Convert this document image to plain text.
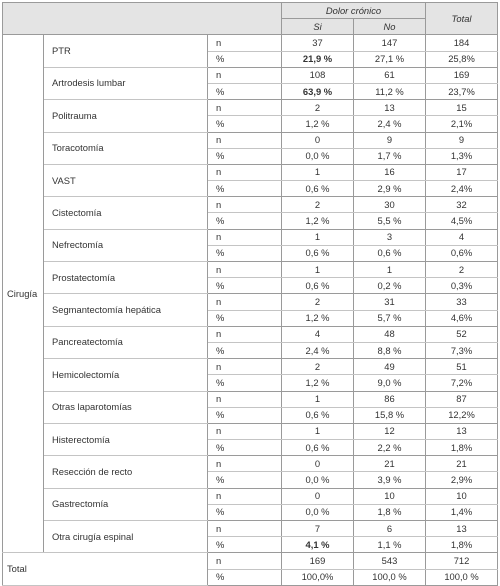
			Dolor crónico		Total
			Si	No	
Cirugía	PTR	n	37	147	184
		%	21,9 %	27,1 %	25,8%
	Artrodesis lumbar	n	108	61	169
		%	63,9 %	11,2 %	23,7%
	Politrauma	n	2	13	15
		%	1,2 %	2,4 %	2,1%
	Toracotomía	n	0	9	9
		%	0,0 %	1,7 %	1,3%
	VAST	n	1	16	17
		%	0,6 %	2,9 %	2,4%
	Cistectomía	n	2	30	32
		%	1,2 %	5,5 %	4,5%
	Nefrectomía	n	1	3	4
		%	0,6 %	0,6 %	0,6%
	Prostatectomía	n	1	1	2
		%	0,6 %	0,2 %	0,3%
	Segmantectomía hepática	n	2	31	33
		%	1,2 %	5,7 %	4,6%
	Pancreatectomía	n	4	48	52
		%	2,4 %	8,8 %	7,3%
	Hemicolectomía	n	2	49	51
		%	1,2 %	9,0 %	7,2%
	Otras laparotomías	n	1	86	87
		%	0,6 %	15,8 %	12,2%
	Histerectomía	n	1	12	13
		%	0,6 %	2,2 %	1,8%
	Resección de recto	n	0	21	21
		%	0,0 %	3,9 %	2,9%
	Gastrectomía	n	0	10	10
		%	0,0 %	1,8 %	1,4%
	Otra cirugía espinal	n	7	6	13
		%	4,1 %	1,1 %	1,8%
Total		n	169	543	712
		%	100,0%	100,0 %	100,0 %
